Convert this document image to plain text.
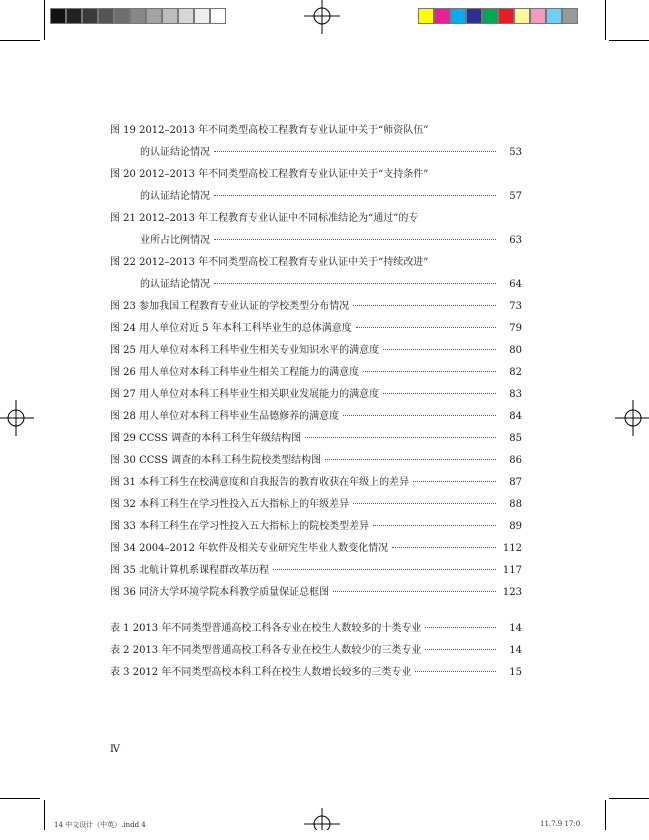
图 19 2012–2013 年不同类型高校工程教育专业认证中关于“师资队伍”
的认证结论情况	53
图 20 2012–2013 年不同类型高校工程教育专业认证中关于“支持条件”
的认证结论情况	57
图 21 2012–2013 年工程教育专业认证中不同标准结论为“通过”的专
业所占比例情况	63
图 22 2012–2013 年不同类型高校工程教育专业认证中关于“持续改进”
的认证结论情况	64
图 23 参加我国工程教育专业认证的学校类型分布情况	73
图 24 用人单位对近 5 年本科工科毕业生的总体满意度	79
图 25 用人单位对本科工科毕业生相关专业知识水平的满意度	80
图 26 用人单位对本科工科毕业生相关工程能力的满意度	82
图 27 用人单位对本科工科毕业生相关职业发展能力的满意度	83
图 28 用人单位对本科工科毕业生品德修养的满意度	84
图 29 CCSS 调查的本科工科生年级结构图	85
图 30 CCSS 调查的本科工科生院校类型结构图	86
图 31 本科工科生在校满意度和自我报告的教育收获在年级上的差异	87
图 32 本科工科生在学习性投入五大指标上的年级差异	88
图 33 本科工科生在学习性投入五大指标上的院校类型差异	89
图 34 2004–2012 年软件及相关专业研究生毕业人数变化情况	112
图 35 北航计算机系课程群改革历程	117
图 36 同济大学环境学院本科教学质量保证总框图	123
表 1 2013 年不同类型普通高校工科各专业在校生人数较多的十类专业	14
表 2 2013 年不同类型普通高校工科各专业在校生人数较少的三类专业	14
表 3 2012 年不同类型高校本科工科在校生人数增长较多的三类专业	15
Ⅳ
14 中文设计（中英）.indd 4	11.7.9 17:0
